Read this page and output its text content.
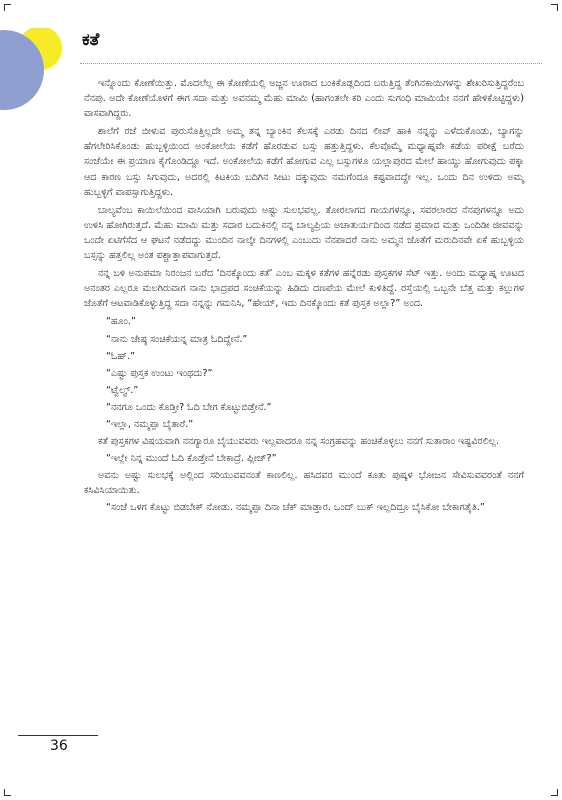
ಕತೆ

ಇನ್ನೊಂದು ಕೋಣೆಯಿತ್ತು. ಮೊದಲೆಲ್ಲ ಈ ಕೋಣೆಯಲ್ಲಿ ಅಜ್ಜನ ಊರಾದ ಬಂಕಿಕೊಡ್ಲದಿಂದ ಬರುತ್ತಿದ್ದ ತೆಂಗಿನಕಾಯಿಗಳನ್ನು ಶೇಖರಿಸುತ್ತಿದ್ದರೆಂಬ ನೆನಪು. ಅದೇ ಕೋಣೆಯೊಳಗೆ ಈಗ ಸದಾ ಮತ್ತು ಅವನಮ್ಮ ಮೆಹು ಮಾಮಿ (ಹಾಗಂತಲೇ ಕರಿ ಎಂದು ಸುಗಂಧಿ ಮಾಮಿಯೇ ನನಗೆ ಹೇಳಿಕೊಟ್ಟಿದ್ದಳು) ವಾಸವಾಗಿದ್ದರು.

ಶಾಲೆಗೆ ರಜೆ ಬೀಳುವ ಪುರುಸೊತ್ತಿಲ್ಲದೇ ಅಮ್ಮ ತನ್ನ ಬ್ಯಾಂಕಿನ ಕೆಲಸಕ್ಕೆ ಎರಡು ದಿನದ ಲೀವ್ ಹಾಕಿ ನನ್ನನ್ನು ಎಳೆದುಕೊಂಡು, ಬ್ಯಾಗನ್ನು ಹೆಗಲೇರಿಸಿಕೊಂಡು ಹುಬ್ಬಳ್ಳಿಯಿಂದ ಅಂಕೋಲೆಯ ಕಡೆಗೆ ಹೊರಡುವ ಬಸ್ಸು ಹತ್ತುತ್ತಿದ್ದಳು. ಕೆಲವೊಮ್ಮೆ ಮಧ್ಯಾಹ್ನವೇ ಕಡೆಯ ಪರೀಕ್ಷೆ ಬರೆದು ಸಂಜೆಯೇ ಈ ಪ್ರಯಾಣ ಕೈಗೊಂಡಿದ್ದೂ ಇದೆ. ಅಂಕೋಲೆಯ ಕಡೆಗೆ ಹೋಗುವ ಎಲ್ಲ ಬಸ್ಸುಗಳೂ ಯಲ್ಲಾಪುರದ ಮೇಲೆ ಹಾಯ್ದು ಹೋಗುವುದು ಪಕ್ಕಾ ಆದ ಕಾರಣ ಬಸ್ಸು ಸಿಗುವುದು, ಅದರಲ್ಲಿ ಕಿಟಕಿಯ ಬದಿಗಿನ ಸೀಟು ದಕ್ಕುವುದು ನಮಗೆಂದೂ ಕಷ್ಟವಾದದ್ದೇ ಇಲ್ಲ. ಒಂದು ದಿನ ಉಳಿದು ಅಮ್ಮ ಹುಬ್ಬಳ್ಳಿಗೆ ವಾಪಸ್ಸಾಗುತ್ತಿದ್ದಳು.

ಬಾಲ್ಯವೆಂಬ ಕಾಯಿಲೆಯಿಂದ ವಾಸಿಯಾಗಿ ಬರುವುದು ಅಷ್ಟು ಸುಲಭವಲ್ಲ. ತೋರಲಾಗದ ಗಾಯಗಳನ್ನೂ, ಸವರಲಾರದ ನೆನಪುಗಳನ್ನೂ ಅದು ಉಳಿಸಿ ಹೋಗಿರುತ್ತದೆ. ಮೆಹು ಮಾಮಿ ಮತ್ತು ಸದಾರ ಬದುಕಿನಲ್ಲಿ ನನ್ನ ಬಾಲ್ಯಪ್ರಿಯ ಅಚಾತುರ್ಯದಿಂದ ನಡೆದ ಪ್ರಮಾದ ಮತ್ತು ಒಂದಿಡೀ ಜೀವವನ್ನು ಒಂದೇ ಏಟಿಗೆಸೆದ ಆ ಘಟನೆ ನಡೆದದ್ದು ಮುಂದಿನ ನಾಲ್ಕೇ ದಿನಗಳಲ್ಲಿ ಎಂಬುದು ನೆನಪಾದರೆ ನಾನು ಅಮ್ಮನ ಜೊತೆಗೆ ಮರುದಿನವೇ ಏಕೆ ಹುಬ್ಬಳ್ಳಿಯ ಬಸ್ಸನ್ನು ಹತ್ತಲಿಲ್ಲ ಅಂತ ಪಶ್ಚಾತ್ತಾಪವಾಗುತ್ತದೆ.

ನನ್ನ ಬಳಿ ಅನುಪಮಾ ನಿರಂಜನ ಬರೆದ ‘ದಿನಕ್ಕೊಂದು ಕತೆ’ ಎಂಬ ಮಕ್ಕಳ ಕತೆಗಳ ಹನ್ನೆರಡು ಪುಸ್ತಕಗಳ ಸೆಟ್ ಇತ್ತು. ಅಂದು ಮಧ್ಯಾಹ್ನ ಊಟದ ಅನಂತರ ಎಲ್ಲರೂ ಮಲಗಿರುವಾಗ ನಾನು ಭಾದ್ರಪದ ಸಂಚಿಕೆಯನ್ನು ಹಿಡಿದು ದಣಪೆಯ ಮೇಲೆ ಕುಳಿತಿದ್ದೆ. ರಸ್ತೆಯಲ್ಲಿ ಒಬ್ಬನೇ ಬೆತ್ತ ಮತ್ತು ಕಲ್ಲುಗಳ ಜೊತೆಗೆ ಆಟವಾಡಿಕೊಳ್ಳುತ್ತಿದ್ದ ಸದಾ ನನ್ನನ್ನು ಗಮನಿಸಿ, “ಹೇಯ್, ಇದು ದಿನಕ್ಕೊಂದು ಕತೆ ಪುಸ್ತಕ ಅಲ್ಲಾ?” ಅಂದ.

“ಹೂಂ.”

“ನಾನು ಜೇಷ್ಠ ಸಂಚಿಕೆಯನ್ನ ಮಾತ್ರ ಓದಿದ್ದೇನೆ.”

“ಓಹ್.”

“ಎಷ್ಟು ಪುಸ್ತಕ ಉಂಟು ಇಂಥದು?”

“ಟ್ವೆಲ್ವ್.”

“ನನಗೂ ಒಂದು ಕೊಡ್ತೀ? ಓದಿ ಬೇಗ ಕೊಟ್ಟುಬಿಡ್ತೇನೆ.”

“ಇಲ್ಲಾ, ನಮ್ಮಪ್ಪಾ ಬೈತಾರೆ.”

ಕತೆ ಪುಸ್ತಕಗಳ ವಿಷಯವಾಗಿ ನನಗ್ಯಾರೂ ಬೈಯುವವರು ಇಲ್ಲವಾದರೂ ನನ್ನ ಸಂಗ್ರಹವನ್ನು ಹಂಚಿಕೊಳ್ಳಲು ನನಗೆ ಸುತಾರಾಂ ಇಷ್ಟವಿರಲಿಲ್ಲ.

“ಇಲ್ಲೇ ನಿನ್ನ ಮುಂದೆ ಓದಿ ಕೊಡ್ತೇನೆ ಬೇಕಾದ್ರೆ. ಪ್ಲೀಜ್?”

ಅವನು ಅಷ್ಟು ಸುಲಭಕ್ಕೆ ಅಲ್ಲಿಂದ ಸರಿಯುವವನಂತೆ ಕಾಣಲಿಲ್ಲ. ಹಸಿದವರ ಮುಂದೆ ಕೂತು ಪುಷ್ಕಳ ಭೋಜನ ಸೇವಿಸುವವರಂತೆ ನನಗೆ ಕಸಿವಿಸಿಯಾಯಿತು.

“ಸಂಜೆ ಒಳಗ ಕೊಟ್ಟು ಬಿಡಬೇಕ್ ನೋಡು. ನಮ್ಮಪ್ಪಾ ದಿನಾ ಚೆಕ್ ಮಾಡ್ತಾರ. ಒಂದ್ ಬುಕ್ ಇಲ್ಲದಿದ್ರೂ ಬೈಸಿಕೋ ಬೇಕಾಗತೈತಿ.”

36
